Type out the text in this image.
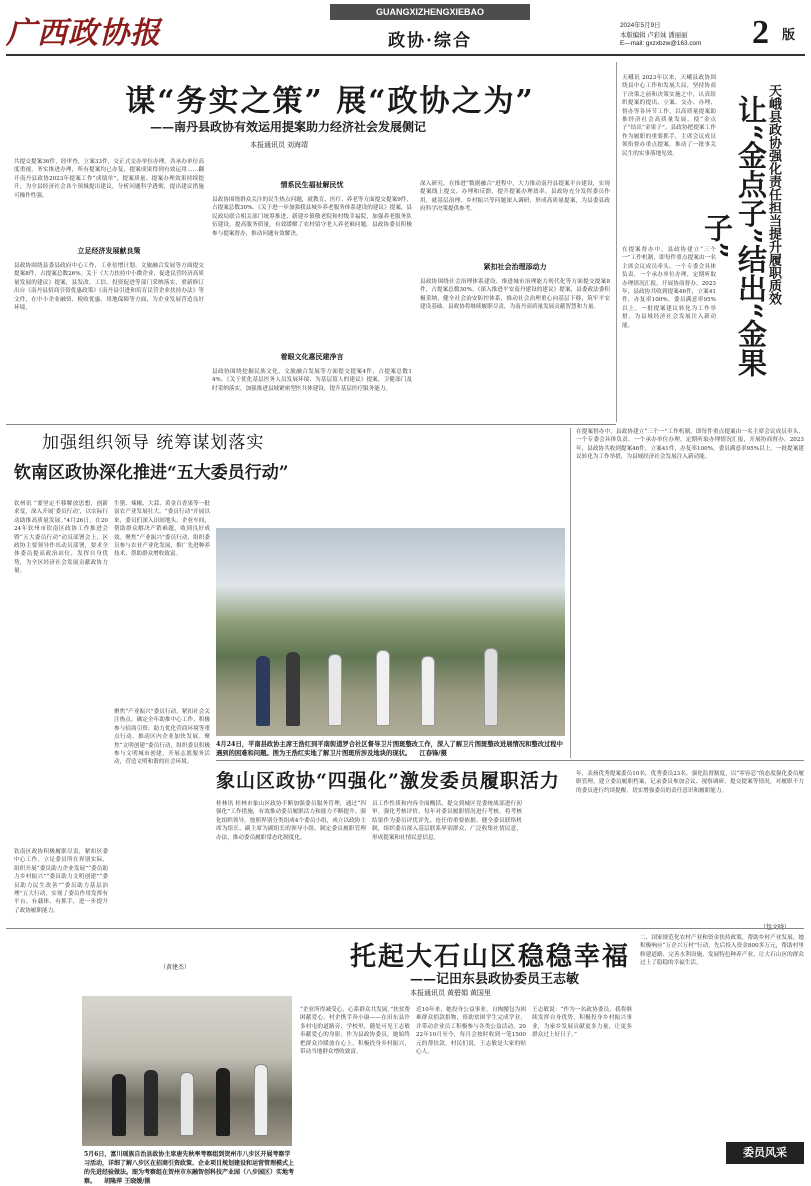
广西政协报
GUANGXIZHENGXIEBAO
政协·综合
2024年5月9日
本版编辑 卢彩妹 潘丽丽
E—mail: gxzxbzw@163.com	2 版
谋“务实之策” 展“政协之为”
——南丹县政协有效运用提案助力经济社会发展侧记
本报通讯员 刘海靖
共提交提案36件，经审查，立案33件，交正式交办单位办理。各承办单位高度重视，务实推进办理，所有提案均已办复，提案成果得到有效运用……翻开南丹县政协2023年提案工作“成绩单”，提案质量、提案办理效果持续提升，为全县经济社会各个领域提出建议，分析问题科学透彻，提出建议措施可操作性强。
立足经济发展献良策
县政协围绕县委县政府中心工作，工业倍增计划、文旅融合发展等方面提交提案8件，占提案总数26%。关于《大力扶持中小微企业，促进民营经济高质量发展的建议》提案，县发改、工信、投资促进等部门采纳落实，重新修订出台《南丹县招商引资优惠政策》《南丹县引进和培育民营企业扶持办法》等文件，在中小企业融资、税收优惠、用地保障等方面，为企业发展营造良好环境。
情系民生福祉解民忧
县政协围绕群众关注的民生热点问题，就教育、医疗、养老等方面提交提案9件，占提案总数30%。《关于进一步加强我县城乡养老服务体系建设的建议》提案，县民政局联合相关部门统筹推进，新建乡镇敬老院和村级幸福院，加强养老服务队伍建设，提高服务质量，有效缓解了农村留守老人养老难问题。县政协委员积极参与提案督办，推动问题有效解决。
着眼文化惠民建净言
县政协围绕挖掘民族文化、文旅融合发展等方面提交提案4件，占提案总数14%。《关于优化基层医务人员发展环境、为基层留人的建议》提案，卫健部门及时采纳落实，加强推进县域紧密型医共体建设，提升基层医疗服务能力。
深入研究，在推进“数据融合”进程中，大力推动南丹县提案平台建设，实现提案线上提交、办理和反馈，提升提案办理效率。县政协充分发挥委员作用，就基层治理、乡村振兴等问题深入调研，形成高质量提案，为县委县政府科学决策提供参考。
紧扣社会治理添动力
县政协围绕社会治理体系建设、推进城市治理能力现代化等方面提交提案8件，占提案总数30%。《深入推进平安南丹建设的建议》提案，县委政法委积极采纳，健全社会治安防控体系，推动社会治理重心向基层下移，筑牢平安建设基础。县政协将继续履职尽责，为南丹高质量发展贡献智慧和力量。
天峨讯 2023年以来，天峨县政协围绕县中心工作和发展大局，坚持协商于决策之前和决策实施之中，认真组织提案的提出、立案、交办、办理、督办等各环节工作，以高质量提案助推经济社会高质量发展，使“金点子”结出“金果子”。县政协把提案工作作为履职的重要抓手，主席会议成员领衔督办重点提案，推动了一批事关民生的实事落地见效。
在提案督办中，县政协建立“三个一”工作机制，即每件重点提案由一名主席会议成员牵头、一个专委会具体负责、一个承办单位办理，定期听取办理情况汇报，开展协商督办。2023年，县政协共收到提案46件，立案41件，办复率100%，委员满意率95%以上。一批提案建议转化为工作举措，为县域经济社会发展注入新动能。	让“金点子”结出“金果子”	天峨县政协强化责任担当提升履职质效
加强组织领导 统筹谋划落实
钦南区政协深化推进“五大委员行动”
钦州讯 “要坚定不移解放思想，创新求变，深入开展‘委员行动’，以实际行动助推高质量发展。”4月26日，在2024年钦州市钦南区政协工作推进会暨“五大委员行动”动员部署会上，区政协主要领导作出动员部署，要求全体委员提高政治站位，发挥自身优势，为全区经济社会发展贡献政协力量。
钦南区政协积极履职尽责，紧扣区委中心工作，立足委员所在界别实际，组织开展“委员助力企业发展”“委员助力乡村振兴”“委员助力文明创建”“委员助力民生改善”“委员助力基层治理”五大行动，实现了委员作用发挥有平台、有载体、有抓手，进一步提升了政协履职能力。
生猪、辣椒、大蒜、黄金百香果等一批富农产业发展壮大。“委员行动”开展以来，委员们深入田间地头、企业车间，帮助群众解决产销难题，收到良好成效。聚焦“产业振兴”委员行动，组织委员参与农业产业化发展，推广先进种养技术，帮助群众增收致富。
聚焦“产业振兴”委员行动，紧扣社会关注热点，确定全年助推中心工作、积极参与招商引资、助力优化营商环境等重点行动，推动区内企业加快发展。聚焦“文明创建”委员行动，组织委员积极参与文明城市创建，开展志愿服务活动，营造文明和谐的社会环境。
（黄建杰）
4月24日，平南县政协主席王浩红到平南街道罗合社区督导卫片图斑整改工作，深入了解卫片图斑整改进展情况和整改过程中遇到的困难和问题。图为王浩红实地了解卫片图斑所涉及地块的现状。 江春锋/摄
在提案督办中，县政协建立“三个一”工作机制，即每件重点提案由一名主席会议成员牵头、一个专委会具体负责、一个承办单位办理，定期听取办理情况汇报，开展协商督办。2023年，县政协共收到提案46件，立案41件，办复率100%，委员满意率95%以上。一批提案建议转化为工作举措，为县域经济社会发展注入新动能。
象山区政协“四强化”激发委员履职活力
桂林讯 桂林市象山区政协不断加强委员服务管理，通过“四强化”工作措施，有效推动委员履职活力和能力不断提升。强化组织领导，按照界别分类组成4个委员小组，成立以政协主席为组长、副主席为副组长的领导小组，制定委员履职管理办法，推动委员履职常态化制度化。
员工作性质和内容全面概括，提交到城区党委统战部进行初审。强化考核评价，每年对委员履职情况进行考核，将考核结果作为委员评优评先、连任的重要依据。健全委员联络机制，组织委员深入基层联系界别群众，广泛收集社情民意，形成提案和社情民意信息。
年，表扬优秀提案委员10名，优秀委员23名。强化监督制度，以“零容忍”的态度强化委员履职管理。建立委员履职档案，记录委员参加会议、视察调研、提交提案等情况，对履职不力的委员进行约谈提醒，切实增强委员的责任意识和履职能力。
托起大石山区稳稳幸福
——记田东县政协委员王志敏
本报通讯员 黄碧娟 黄国里
5月6日，富川瑶族自治县政协主席唐先秋率考察组到贺州市八步区开展考察学习活动，详细了解八步区在招商引资政策、企业项目规划建设和运营管理模式上的先进经验做法。图为考察组在贺州市东融智创科技产业园（八步园区）实地考察。 胡隆萍 王晓媛/摄
“企业所得减受心，心系群众共发展。”扶贫帮困献爱心，村企携手奔小康——在田东县许多村屯的道路旁、学校里，随处可见王志敏奉献爱心的身影。作为县政协委员，她始终把群众冷暖放在心上，积极投身乡村振兴，带动当地群众增收致富。
近10年来，她投身公益事业，自掏腰包为困难群众捐款捐物，资助贫困学生完成学业，并带动企业员工积极参与各类公益活动。2022年10月至今，每月会按时收到一笔1500元的帮扶款。村民们说，王志敏是大家的贴心人。
二、国家规范化农村产业和资金扶持政策，帮助乡村产业发展。她积极响应“万企兴万村”行动，先后投入资金800多万元，帮助村里修建道路、完善水利设施，发展特色种养产业，让大石山区的群众过上了稳稳的幸福生活。
王志敏说：“作为一名政协委员，我将继续发挥自身优势，积极投身乡村振兴事业，为家乡发展贡献更多力量，让更多群众过上好日子。”
委员风采
